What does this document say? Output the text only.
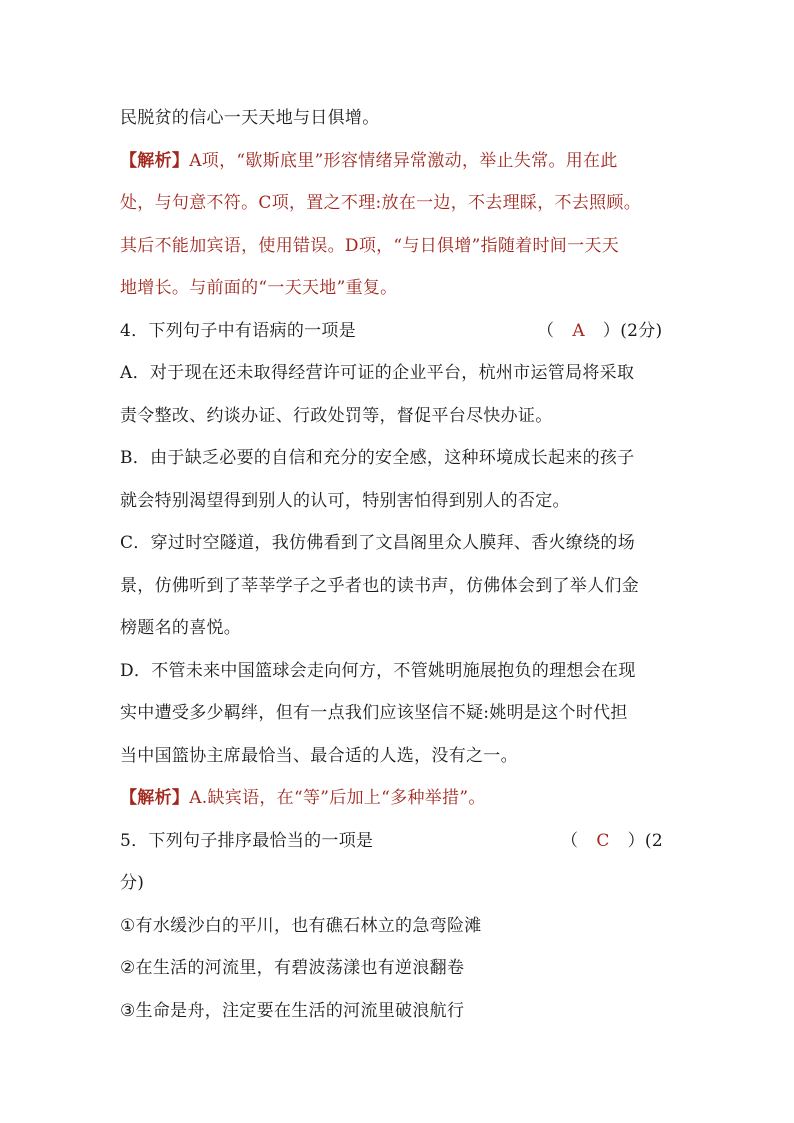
民脱贫的信心一天天地与日俱增。
【解析】A项，“歇斯底里”形容情绪异常激动，举止失常。用在此
处，与句意不符。C项，置之不理:放在一边，不去理睬，不去照顾。
其后不能加宾语，使用错误。D项，“与日俱增”指随着时间一天天
地增长。与前面的“一天天地”重复。
4．下列句子中有语病的一项是	（ A ）(2分)
A．对于现在还未取得经营许可证的企业平台，杭州市运管局将采取
责令整改、约谈办证、行政处罚等，督促平台尽快办证。
B．由于缺乏必要的自信和充分的安全感，这种环境成长起来的孩子
就会特别渴望得到别人的认可，特别害怕得到别人的否定。
C．穿过时空隧道，我仿佛看到了文昌阁里众人膜拜、香火缭绕的场
景，仿佛听到了莘莘学子之乎者也的读书声，仿佛体会到了举人们金
榜题名的喜悦。
D．不管未来中国篮球会走向何方，不管姚明施展抱负的理想会在现
实中遭受多少羁绊，但有一点我们应该坚信不疑:姚明是这个时代担
当中国篮协主席最恰当、最合适的人选，没有之一。
【解析】A.缺宾语，在“等”后加上“多种举措”。
5．下列句子排序最恰当的一项是	（ C ）(2
分)
①有水缓沙白的平川，也有礁石林立的急弯险滩
②在生活的河流里，有碧波荡漾也有逆浪翻卷
③生命是舟，注定要在生活的河流里破浪航行
